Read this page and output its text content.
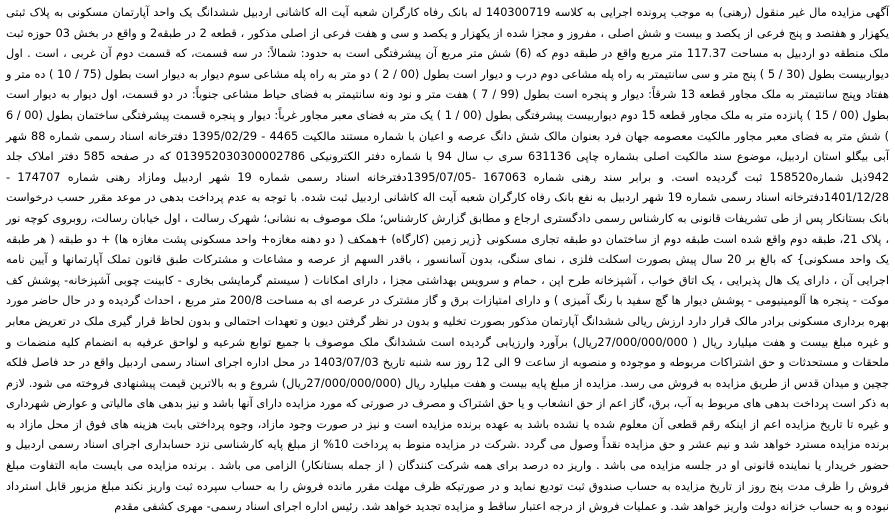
آگهی مزایده مال غیر منقول (رهنی) به موجب پرونده اجرایی به کلاسه 140300719 له بانک رفاه کارگران شعبه آیت اله کاشانی اردبیل ششدانگ یک واحد آپارتمان مسکونی به پلاک ثبتی یکهزار و هفتصد و پنج فرعی از یکصد و بیست و شش اصلی ، مفروز و مجزا شده از یکهزار و یکصد و سی و هفت فرعی از اصلی مذکور ، قطعه 2 در طبقه2 و واقع در بخش 03 حوزه ثبت ملک منطقه دو اردبیل به مساحت 117.37 متر مربع واقع در طبقه دوم که (6) شش متر مربع آن پیشرفتگی است به حدود: شمالاً: در سه قسمت، که قسمت دوم آن غربی ، است . اول دیواربیست بطول (30 / 5 ) پنج متر و سی سانتیمتر به راه پله مشاعی دوم درب و دیوار است بطول (00 / 2 ) دو متر به راه پله مشاعی سوم دیوار به دیوار است بطول (75 / 10 ) ده متر و هفتاد وپنج سانتیمتر به ملک مجاور قطعه 13 شرقاً: دیوار و پنجره است بطول (99 / 7 ) هفت متر و نود ونه سانتیمتر به فضای حیاط مشاعی جنوباً: در دو قسمت، اول دیوار به دیوار است بطول (00 / 15 ) پانزده متر به ملک مجاور قطعه 15 دوم دیواربیست پیشرفتگی بطول (00 / 1 ) یک متر به فضای معبر مجاور غرباً: دیوار و پنجره قسمت پیشرفتگی ساختمان بطول (00 / 6 ) شش متر به فضای معبر مجاور مالکیت معصومه جهان فرد بعنوان مالک شش دانگ عرصه و اعیان با شماره مستند مالکیت 4465 - 1395/02/29 دفترخانه اسناد رسمی شماره 88 شهر آبی بیگلو استان اردبیل، موضوع سند مالکیت اصلی بشماره چاپی 631136 سری ب سال 94 با شماره دفتر الکترونیکی 013952030300002786 که در صفحه 585 دفتر املاک جلد 942ذیل شماره158520 ثبت گردیده است. و برابر سند رهنی شماره 167063 -1395/07/05دفترخانه اسناد رسمی شماره 19 شهر اردبیل ومازاد رهنی شماره 174707 - 1401/12/28دفترخانه اسناد رسمی شماره 19 شهر اردبیل به نفع بانک رفاه کارگران شعبه آیت اله کاشانی اردبیل ثبت شده. با توجه به عدم پرداخت بدهی در موعد مقرر حسب درخواست بانک بستانکار پس از طی تشریفات قانونی به کارشناس رسمی دادگستری ارجاع و مطابق گزارش کارشناس؛ ملک موصوف به نشانی؛ شهرک رسالت ، اول خیابان رسالت، روبروی کوچه نور ، پلاک 21، طبقه دوم واقع شده است طبقه دوم از ساختمان دو طبقه تجاری مسکونی {زیر زمین (کارگاه) +همکف ( دو دهنه مغازه+ واحد مسکونی پشت مغازه ها) + دو طبقه ( هر طبقه یک واحد مسکونی} که بالغ بر 20 سال پیش بصورت اسکلت فلزی ، نمای سنگی، بدون آسانسور ، باقدر السهم از عرصه و مشاعات و مشترکات طبق قانون تملک آپارتمانها و آیین نامه اجرایی آن ، دارای یک هال پذیرایی ، یک اتاق خواب ، آشپزخانه طرح اپن ، حمام و سرویس بهداشتی مجزا ، دارای امکانات ( سیستم گرمایشی بخاری - کابینت چوبی آشپزخانه- پوشش کف موکت - پنجره ها آلومینیومی - پوشش دیوار ها گچ سفید با رنگ آمیزی ) و دارای امتیازات برق و گاز مشترک در عرصه ای به مساحت 200/8 متر مربع ، احداث گردیده و در حال حاضر مورد بهره برداری مسکونی برادر مالک قرار دارد ارزش ریالی ششدانگ آپارتمان مذکور بصورت تخلیه و بدون در نظر گرفتن دیون و تعهدات احتمالی و بدون لحاظ قرار گیری ملک در تعریض معابر و غیره مبلغ بیست و هفت میلیارد ریال ( 27/000/000/000ریال) برآورد وارزیابی گردیده است ششدانگ ملک موصوف با جمیع توابع شرعیه و لواحق عرفیه به انضمام کلیه منضمات و ملحقات و مستحدثات و حق اشتراکات مربوطه و موجوده و منصوبه از ساعت 9 الی 12 روز سه شنبه تاریخ 1403/07/03 در محل اداره اجرای اسناد رسمی اردبیل واقع در حد فاصل فلکه جچین و میدان قدس از طریق مزایده به فروش می رسد. مزایده از مبلغ پایه بیست و هفت میلیارد ریال (27/000/000/000ریال) شروع و به بالاترین قیمت پیشنهادی فروخته می شود. لازم به ذکر است پرداخت بدهی های مربوط به آب، برق، گاز اعم از حق انشعاب و یا حق اشتراک و مصرف در صورتی که مورد مزایده دارای آنها باشد و نیز بدهی های مالیاتی و عوارض شهرداری و غیره تا تاریخ مزایده اعم از اینکه رقم قطعی آن معلوم شده یا نشده باشد به عهده برنده مزایده است و نیز در صورت وجود مازاد، وجوه پرداختی بابت هزینه های فوق از محل مازاد به برنده مزایده مسترد خواهد شد و نیم عشر و حق مزایده نقداً وصول می گردد .شرکت در مزایده منوط به پرداخت 10% از مبلغ پایه کارشناسی نزد حسابداری اجرای اسناد رسمی اردبیل و حضور خریدار یا نماینده قانونی او در جلسه مزایده می باشد . واریز ده درصد برای همه شرکت کنندگان ( از جمله بستانکار) الزامی می باشد . برنده مزایده می بایست مابه التفاوت مبلغ فروش را ظرف مدت پنج روز از تاریخ مزایده به حساب صندوق ثبت تودیع نماید و در صورتیکه ظرف مهلت مقرر مانده فروش را به حساب سپرده ثبت واریز نکند مبلغ مزبور قابل استرداد نبوده و به حساب خزانه دولت واریز خواهد شد. و عملیات فروش از درجه اعتبار ساقط و مزایده تجدید خواهد شد. رئیس اداره اجرای اسناد رسمی- مهری کشفی مقدم
